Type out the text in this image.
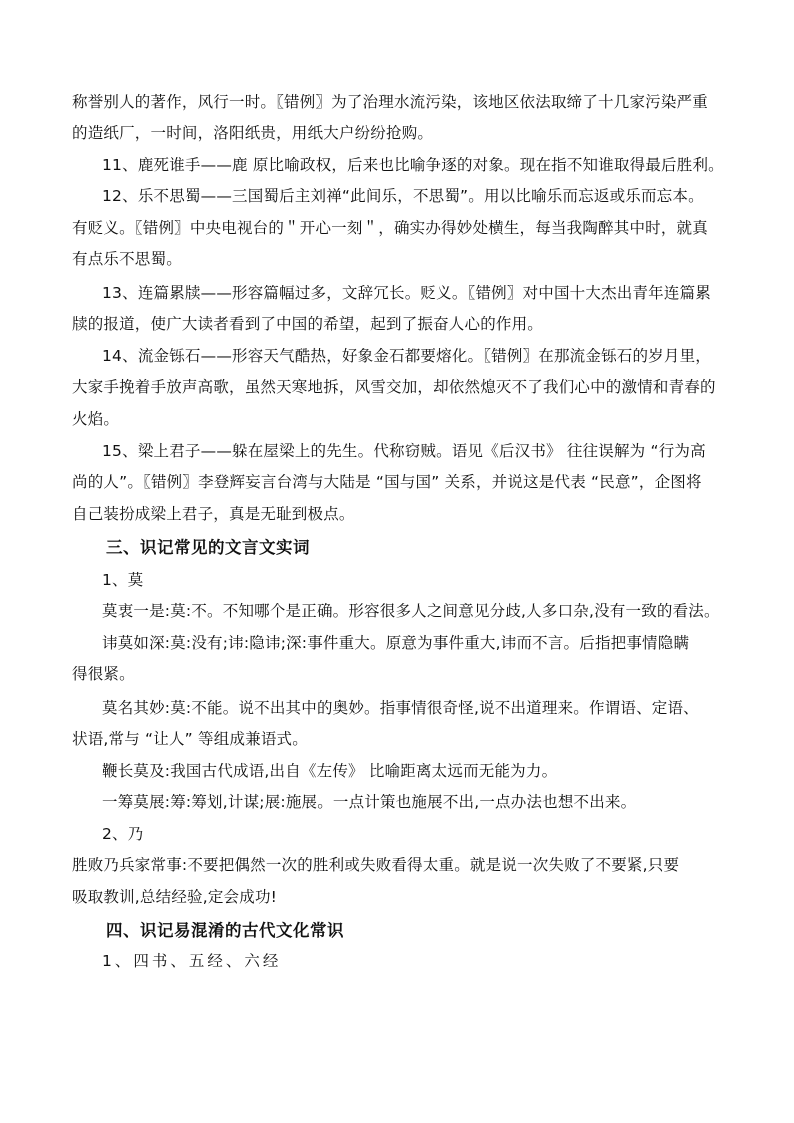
称誉别人的著作，风行一时。〖错例〗为了治理水流污染，该地区依法取缔了十几家污染严重
的造纸厂，一时间，洛阳纸贵，用纸大户纷纷抢购。
11、鹿死谁手——鹿 原比喻政权，后来也比喻争逐的对象。现在指不知谁取得最后胜利。
12、乐不思蜀——三国蜀后主刘禅“此间乐，不思蜀”。用以比喻乐而忘返或乐而忘本。
有贬义。〖错例〗中央电视台的＂开心一刻＂，确实办得妙处横生，每当我陶醉其中时，就真
有点乐不思蜀。
13、连篇累牍——形容篇幅过多，文辞冗长。贬义。〖错例〗对中国十大杰出青年连篇累
牍的报道，使广大读者看到了中国的希望，起到了振奋人心的作用。
14、流金铄石——形容天气酷热，好象金石都要熔化。〖错例〗在那流金铄石的岁月里，
大家手挽着手放声高歌，虽然天寒地拆，风雪交加，却依然熄灭不了我们心中的激情和青春的
火焰。
15、梁上君子——躲在屋梁上的先生。代称窃贼。语见《后汉书》 往往误解为 “行为高
尚的人”。〖错例〗李登辉妄言台湾与大陆是 “国与国” 关系，并说这是代表 “民意”，企图将
自己装扮成梁上君子，真是无耻到极点。
三、识记常见的文言文实词
1、莫
莫衷一是:莫:不。不知哪个是正确。形容很多人之间意见分歧,人多口杂,没有一致的看法。
讳莫如深:莫:没有;讳:隐讳;深:事件重大。原意为事件重大,讳而不言。后指把事情隐瞒
得很紧。
莫名其妙:莫:不能。说不出其中的奥妙。指事情很奇怪,说不出道理来。作谓语、定语、
状语,常与 “让人” 等组成兼语式。
鞭长莫及:我国古代成语,出自《左传》 比喻距离太远而无能为力。
一筹莫展:筹:筹划,计谋;展:施展。一点计策也施展不出,一点办法也想不出来。
2、乃
胜败乃兵家常事:不要把偶然一次的胜利或失败看得太重。就是说一次失败了不要紧,只要
吸取教训,总结经验,定会成功!
四、识记易混淆的古代文化常识
1、四书、五经、六经
